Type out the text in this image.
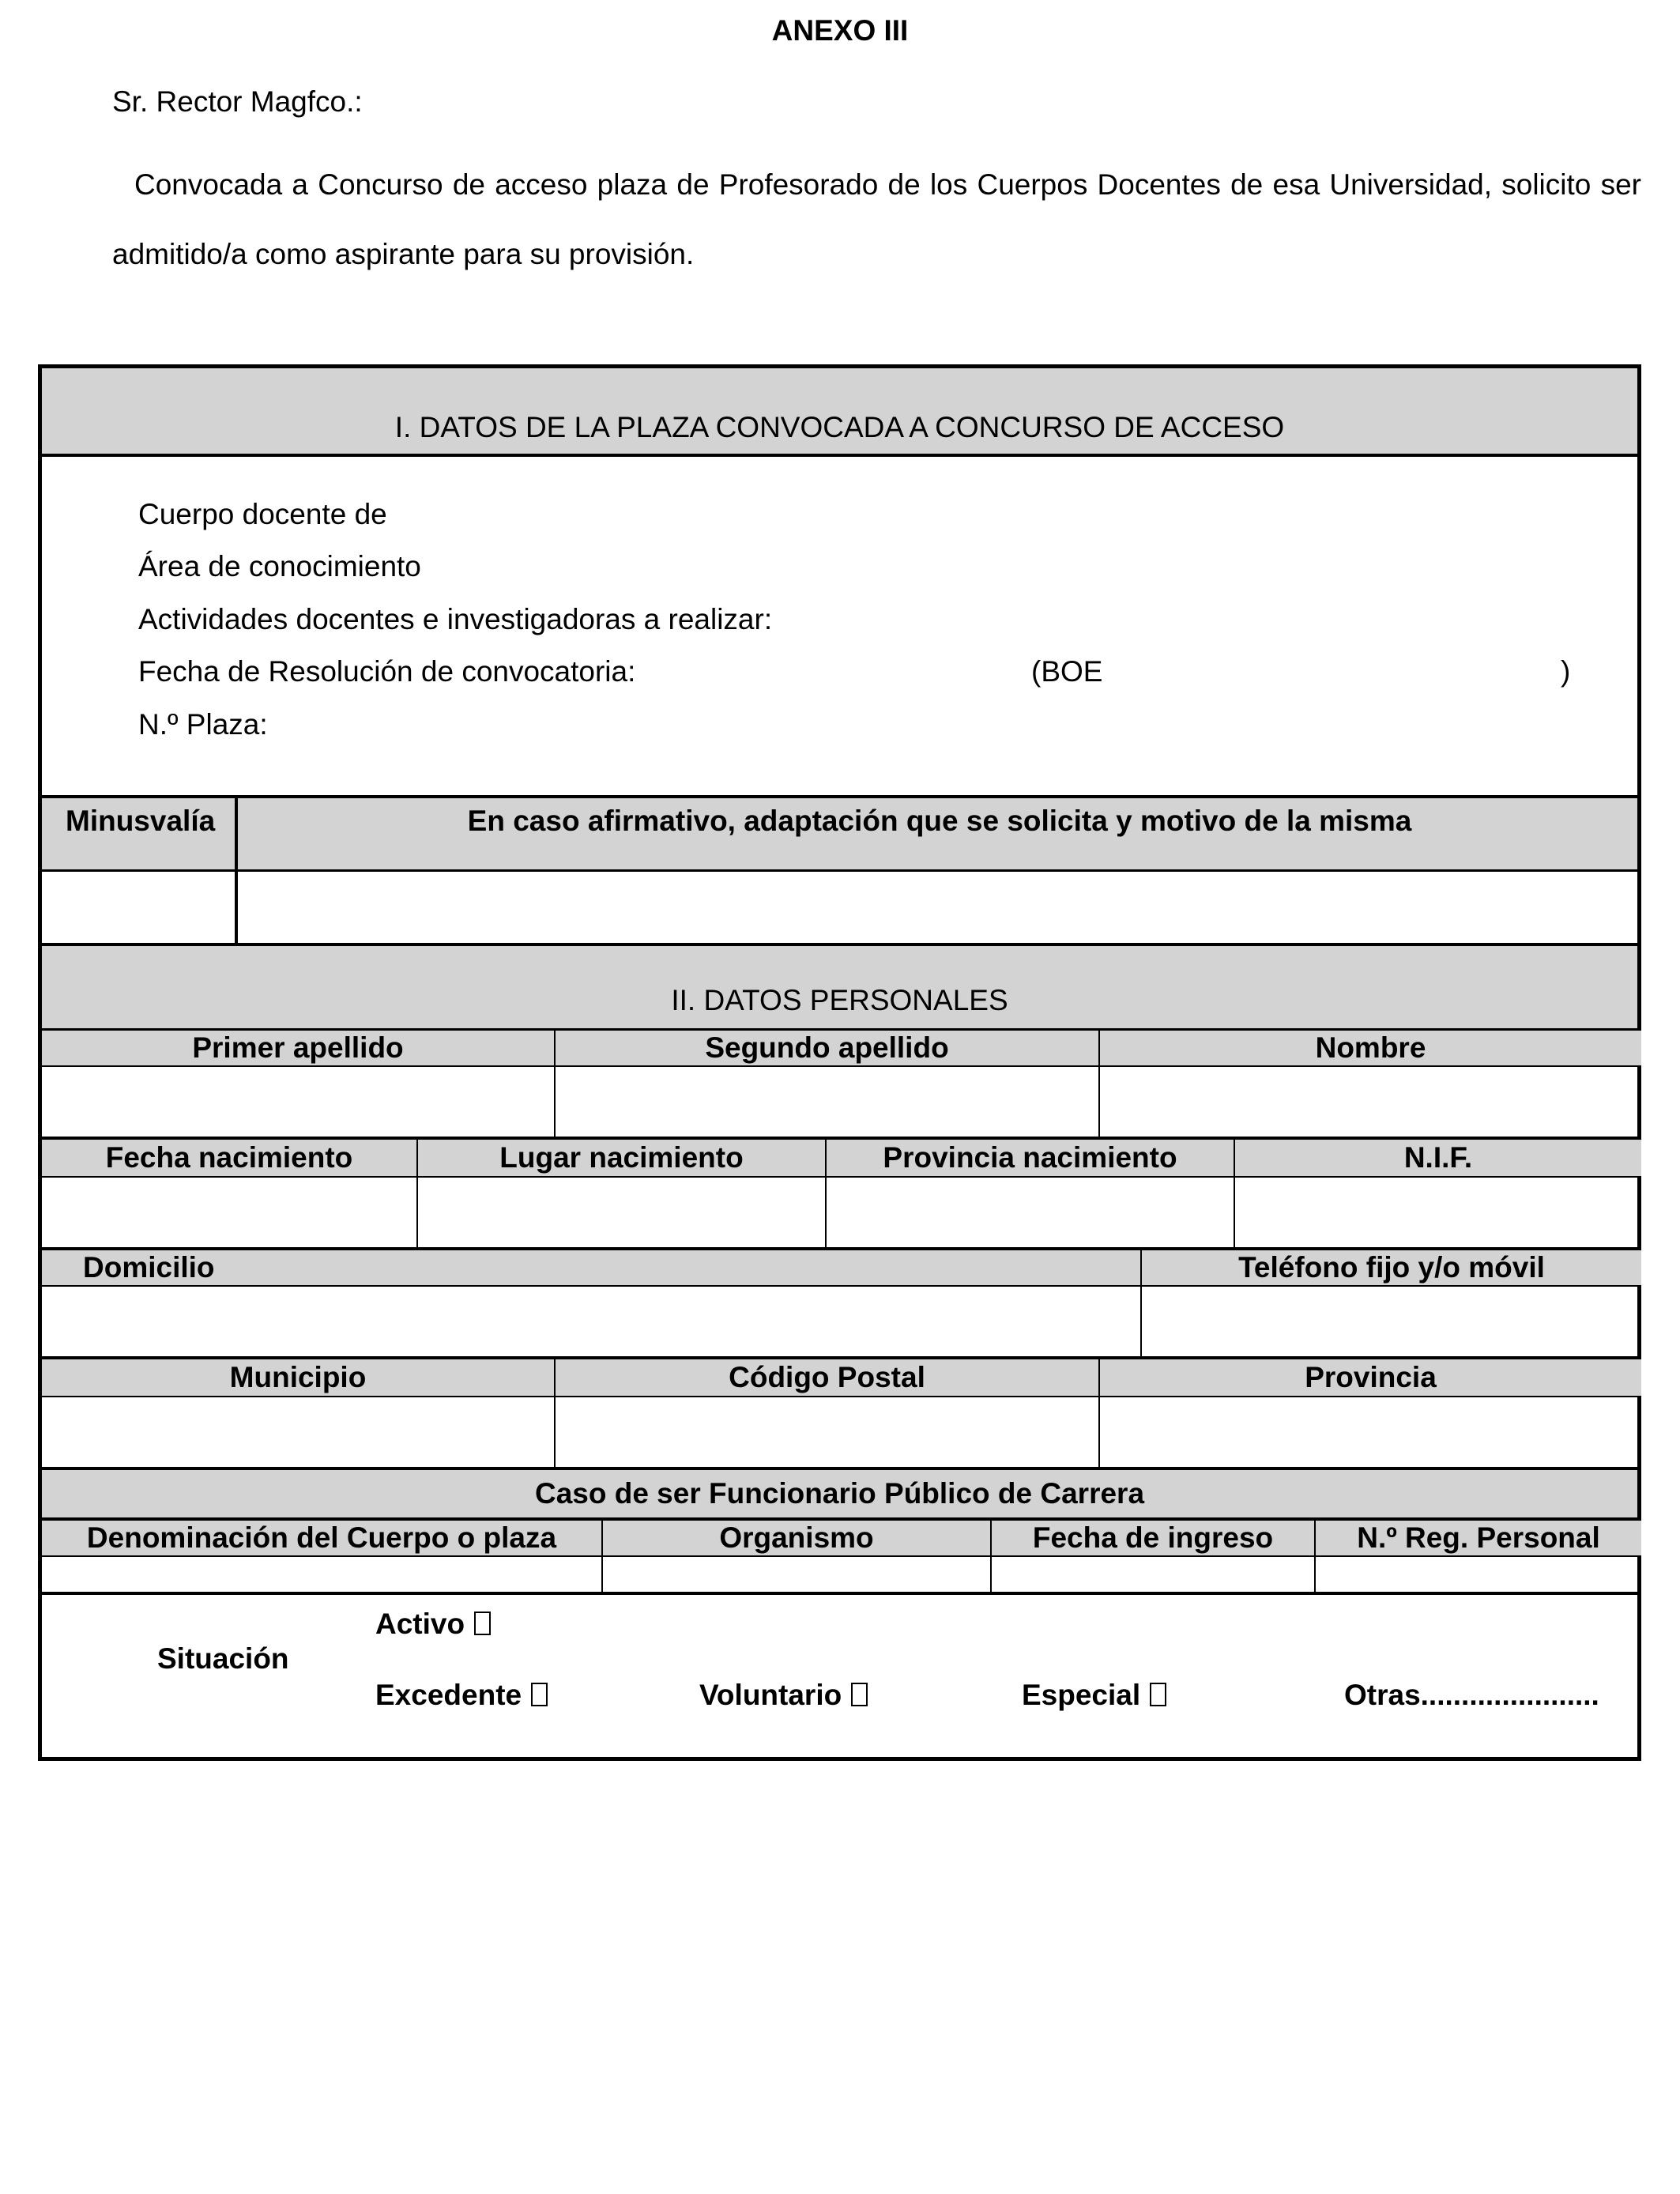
ANEXO III
Sr. Rector Magfco.:
Convocada a Concurso de acceso plaza de Profesorado de los Cuerpos Docentes de esa Universidad, solicito ser admitido/a como aspirante para su provisión.
I. DATOS DE LA PLAZA CONVOCADA A CONCURSO DE ACCESO
Cuerpo docente de
Área de conocimiento
Actividades docentes e investigadoras a realizar:
Fecha de Resolución de convocatoria:	(BOE	)
N.º Plaza:
Minusvalía	En caso afirmativo, adaptación que se solicita y motivo de la misma
II. DATOS PERSONALES
Primer apellido	Segundo apellido	Nombre
Fecha nacimiento	Lugar nacimiento	Provincia nacimiento	N.I.F.
Domicilio	Teléfono fijo y/o móvil
Municipio	Código Postal	Provincia
Caso de ser Funcionario Público de Carrera
Denominación del Cuerpo o plaza	Organismo	Fecha de ingreso	N.º Reg. Personal
Situación
Activo
Excedente	Voluntario	Especial	Otras......................
